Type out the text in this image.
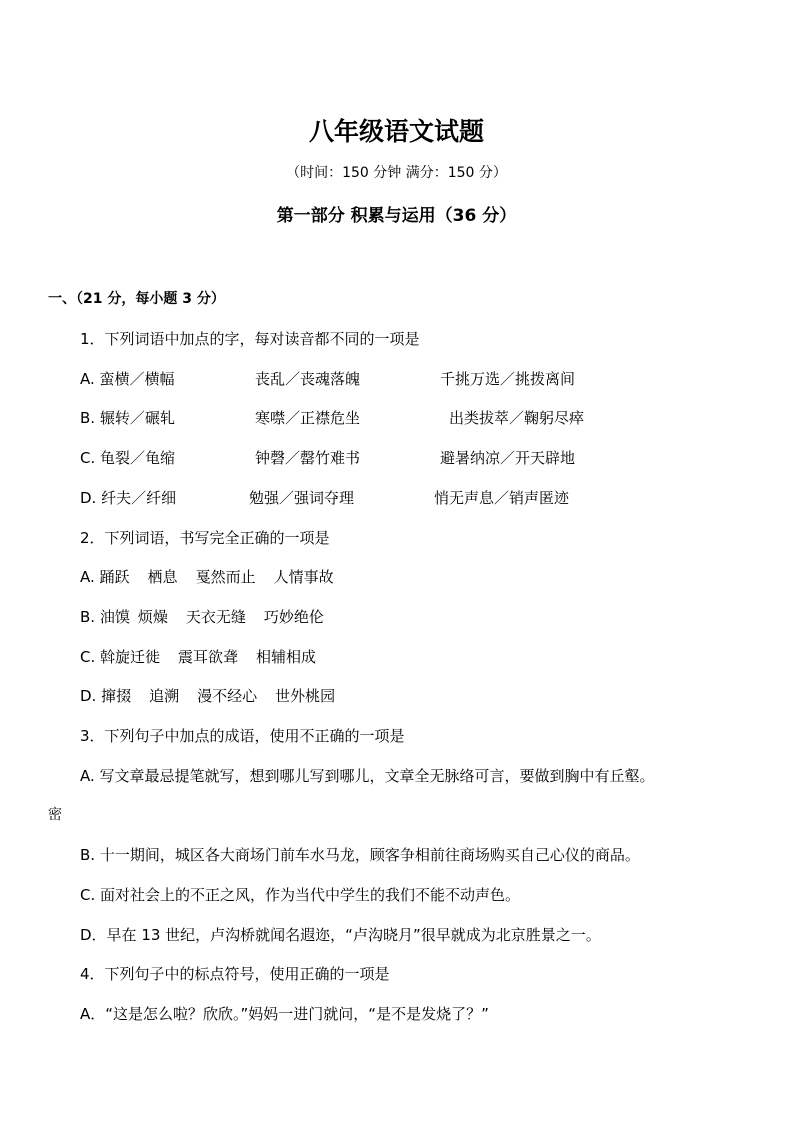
八年级语文试题
（时间：150 分钟 满分：150 分）
第一部分 积累与运用（36 分）
一、（21 分，每小题 3 分）
1．下列词语中加点的字，每对读音都不同的一项是
A. 蛮横／横幅	丧乱／丧魂落魄	千挑万选／挑拨离间
B. 辗转／碾轧	寒噤／正襟危坐	出类拔萃／鞠躬尽瘁
C. 龟裂／龟缩	钟磬／罄竹难书	避暑纳凉／开天辟地
D. 纤夫／纤细	勉强／强词夺理	悄无声息／销声匿迹
2．下列词语，书写完全正确的一项是
A. 踊跃 栖息 戛然而止 人情事故
B. 油馍 烦燥 天衣无缝 巧妙绝伦
C. 斡旋迁徙 震耳欲聋 相辅相成
D. 撺掇 追溯 漫不经心 世外桃园
3．下列句子中加点的成语，使用不正确的一项是
A. 写文章最忌提笔就写，想到哪儿写到哪儿，文章全无脉络可言，要做到胸中有丘壑。
密
B. 十一期间，城区各大商场门前车水马龙，顾客争相前往商场购买自己心仪的商品。
C. 面对社会上的不正之风，作为当代中学生的我们不能不动声色。
D．早在 13 世纪，卢沟桥就闻名遐迩，“卢沟晓月”很早就成为北京胜景之一。
4．下列句子中的标点符号，使用正确的一项是
A．“这是怎么啦？欣欣。”妈妈一进门就问，“是不是发烧了？”
